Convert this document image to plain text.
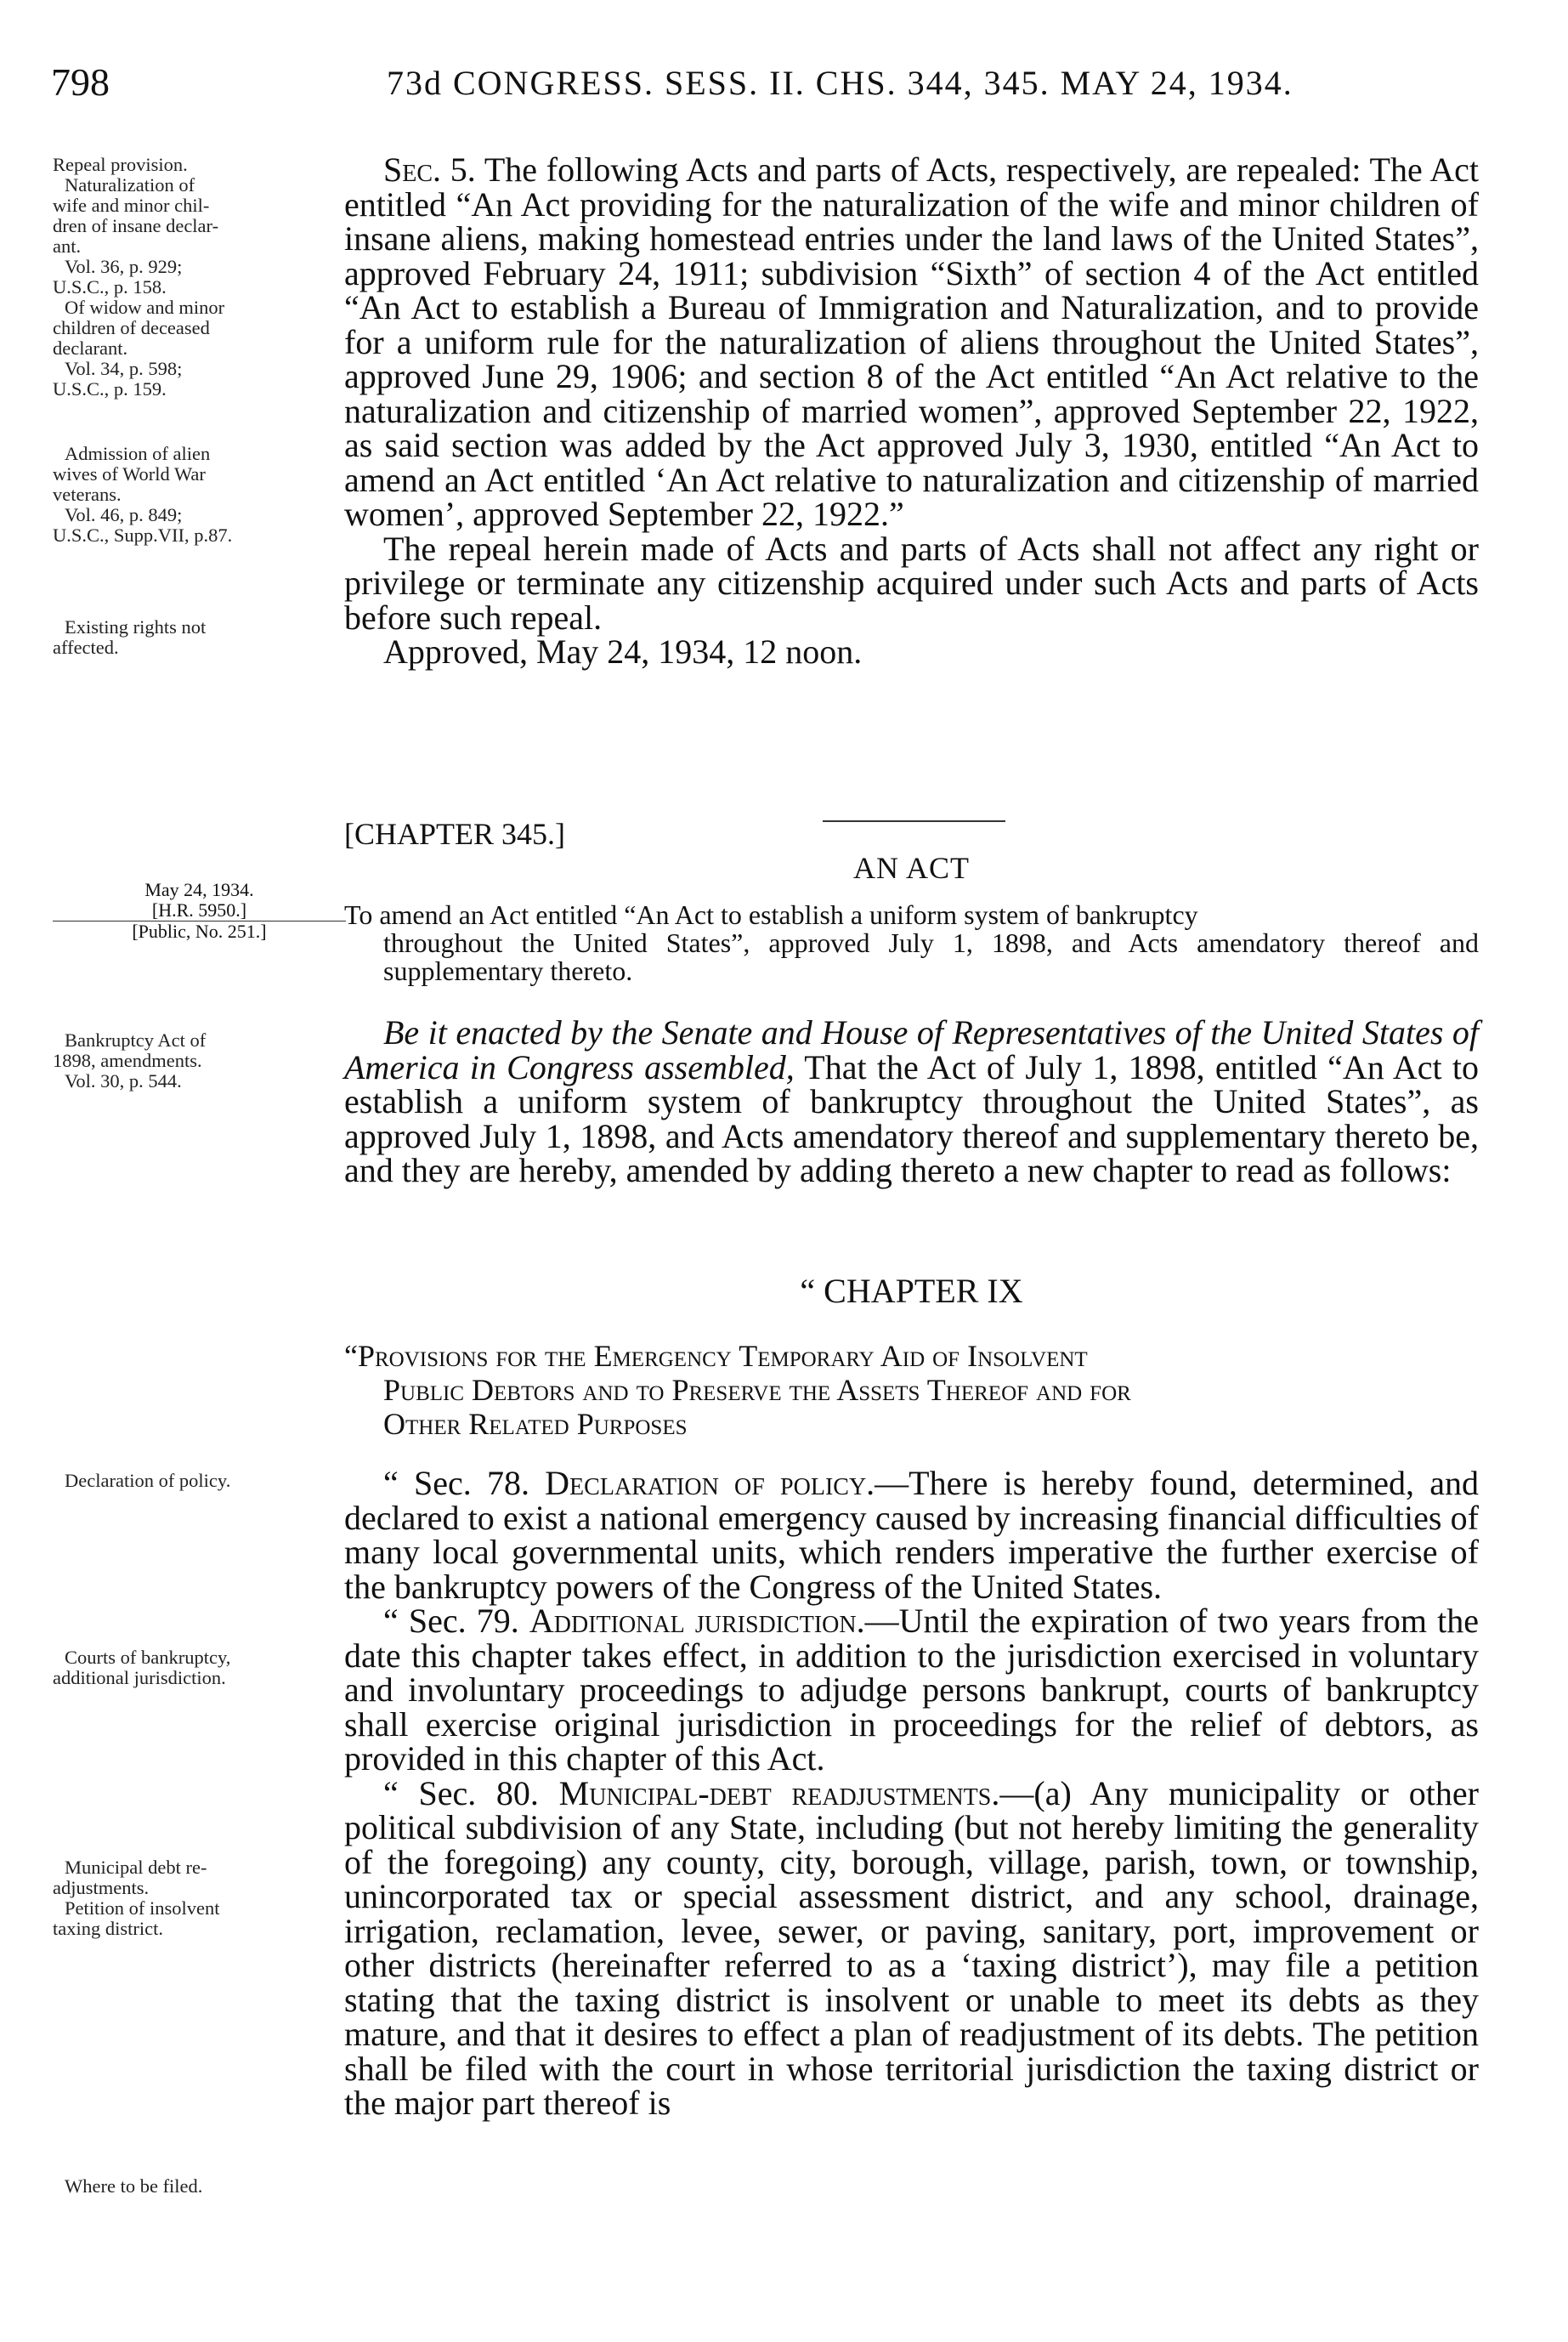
798	73d CONGRESS. SESS. II. CHS. 344, 345. MAY 24, 1934.
Repeal provision.
Naturalization of
wife and minor chil-
dren of insane declar-
ant.
Vol. 36, p. 929;
U.S.C., p. 158.
Of widow and minor
children of deceased
declarant.
Vol. 34, p. 598;
U.S.C., p. 159.
Admission of alien
wives of World War
veterans.
Vol. 46, p. 849;
U.S.C., Supp.VII, p.87.
Existing rights not
affected.
May 24, 1934.
[H.R. 5950.]
[Public, No. 251.]
Bankruptcy Act of
1898, amendments.
Vol. 30, p. 544.
Declaration of policy.
Courts of bankruptcy,
additional jurisdiction.
Municipal debt re-
adjustments.
Petition of insolvent
taxing district.
Where to be filed.

Sec. 5. The following Acts and parts of Acts, respectively, are repealed: The Act entitled “An Act providing for the naturalization of the wife and minor children of insane aliens, making homestead entries under the land laws of the United States”, approved February 24, 1911; subdivision “Sixth” of section 4 of the Act entitled “An Act to establish a Bureau of Immigration and Naturalization, and to provide for a uniform rule for the naturalization of aliens throughout the United States”, approved June 29, 1906; and section 8 of the Act entitled “An Act relative to the naturalization and citizenship of married women”, approved September 22, 1922, as said section was added by the Act approved July 3, 1930, entitled “An Act to amend an Act entitled ‘An Act relative to naturalization and citizenship of married women’, approved September 22, 1922.”

The repeal herein made of Acts and parts of Acts shall not affect any right or privilege or terminate any citizenship acquired under such Acts and parts of Acts before such repeal.

Approved, May 24, 1934, 12 noon.

[CHAPTER 345.]
AN ACT
To amend an Act entitled “An Act to establish a uniform system of bankruptcy
throughout the United States”, approved July 1, 1898, and Acts amendatory thereof and supplementary thereto.

Be it enacted by the Senate and House of Representatives of the United States of America in Congress assembled, That the Act of July 1, 1898, entitled “An Act to establish a uniform system of bankruptcy throughout the United States”, as approved July 1, 1898, and Acts amendatory thereof and supplementary thereto be, and they are hereby, amended by adding thereto a new chapter to read as follows:

“ CHAPTER IX
“Provisions for the Emergency Temporary Aid of Insolvent
Public Debtors and to Preserve the Assets Thereof and for
Other Related Purposes

“ Sec. 78. Declaration of policy.—There is hereby found, determined, and declared to exist a national emergency caused by increasing financial difficulties of many local governmental units, which renders imperative the further exercise of the bankruptcy powers of the Congress of the United States.

“ Sec. 79. Additional jurisdiction.—Until the expiration of two years from the date this chapter takes effect, in addition to the jurisdiction exercised in voluntary and involuntary proceedings to adjudge persons bankrupt, courts of bankruptcy shall exercise original jurisdiction in proceedings for the relief of debtors, as provided in this chapter of this Act.

“ Sec. 80. Municipal-debt readjustments.—(a) Any municipality or other political subdivision of any State, including (but not hereby limiting the generality of the foregoing) any county, city, borough, village, parish, town, or township, unincorporated tax or special assessment district, and any school, drainage, irrigation, reclamation, levee, sewer, or paving, sanitary, port, improvement or other districts (hereinafter referred to as a ‘taxing district’), may file a petition stating that the taxing district is insolvent or unable to meet its debts as they mature, and that it desires to effect a plan of readjustment of its debts. The petition shall be filed with the court in whose territorial jurisdiction the taxing district or the major part thereof is
